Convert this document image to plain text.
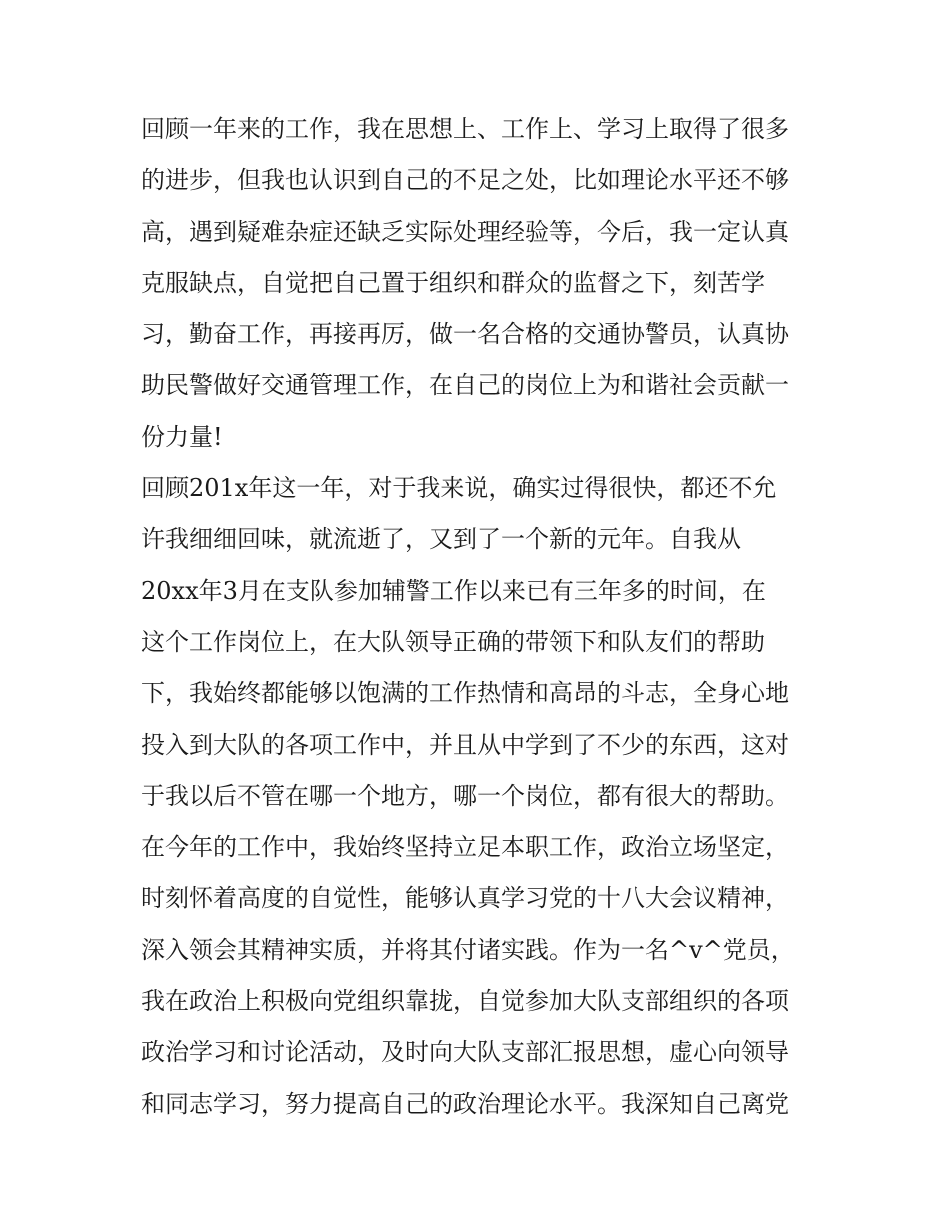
回顾一年来的工作，我在思想上、工作上、学习上取得了很多
的进步，但我也认识到自己的不足之处，比如理论水平还不够
高，遇到疑难杂症还缺乏实际处理经验等，今后，我一定认真
克服缺点，自觉把自己置于组织和群众的监督之下，刻苦学
习，勤奋工作，再接再厉，做一名合格的交通协警员，认真协
助民警做好交通管理工作，在自己的岗位上为和谐社会贡献一
份力量!
回顾201x年这一年，对于我来说，确实过得很快，都还不允
许我细细回味，就流逝了，又到了一个新的元年。自我从
20xx年3月在支队参加辅警工作以来已有三年多的时间，在
这个工作岗位上，在大队领导正确的带领下和队友们的帮助
下，我始终都能够以饱满的工作热情和高昂的斗志，全身心地
投入到大队的各项工作中，并且从中学到了不少的东西，这对
于我以后不管在哪一个地方，哪一个岗位，都有很大的帮助。
在今年的工作中，我始终坚持立足本职工作，政治立场坚定，
时刻怀着高度的自觉性，能够认真学习党的十八大会议精神，
深入领会其精神实质，并将其付诸实践。作为一名^v^党员，
我在政治上积极向党组织靠拢，自觉参加大队支部组织的各项
政治学习和讨论活动，及时向大队支部汇报思想，虚心向领导
和同志学习，努力提高自己的政治理论水平。我深知自己离党
